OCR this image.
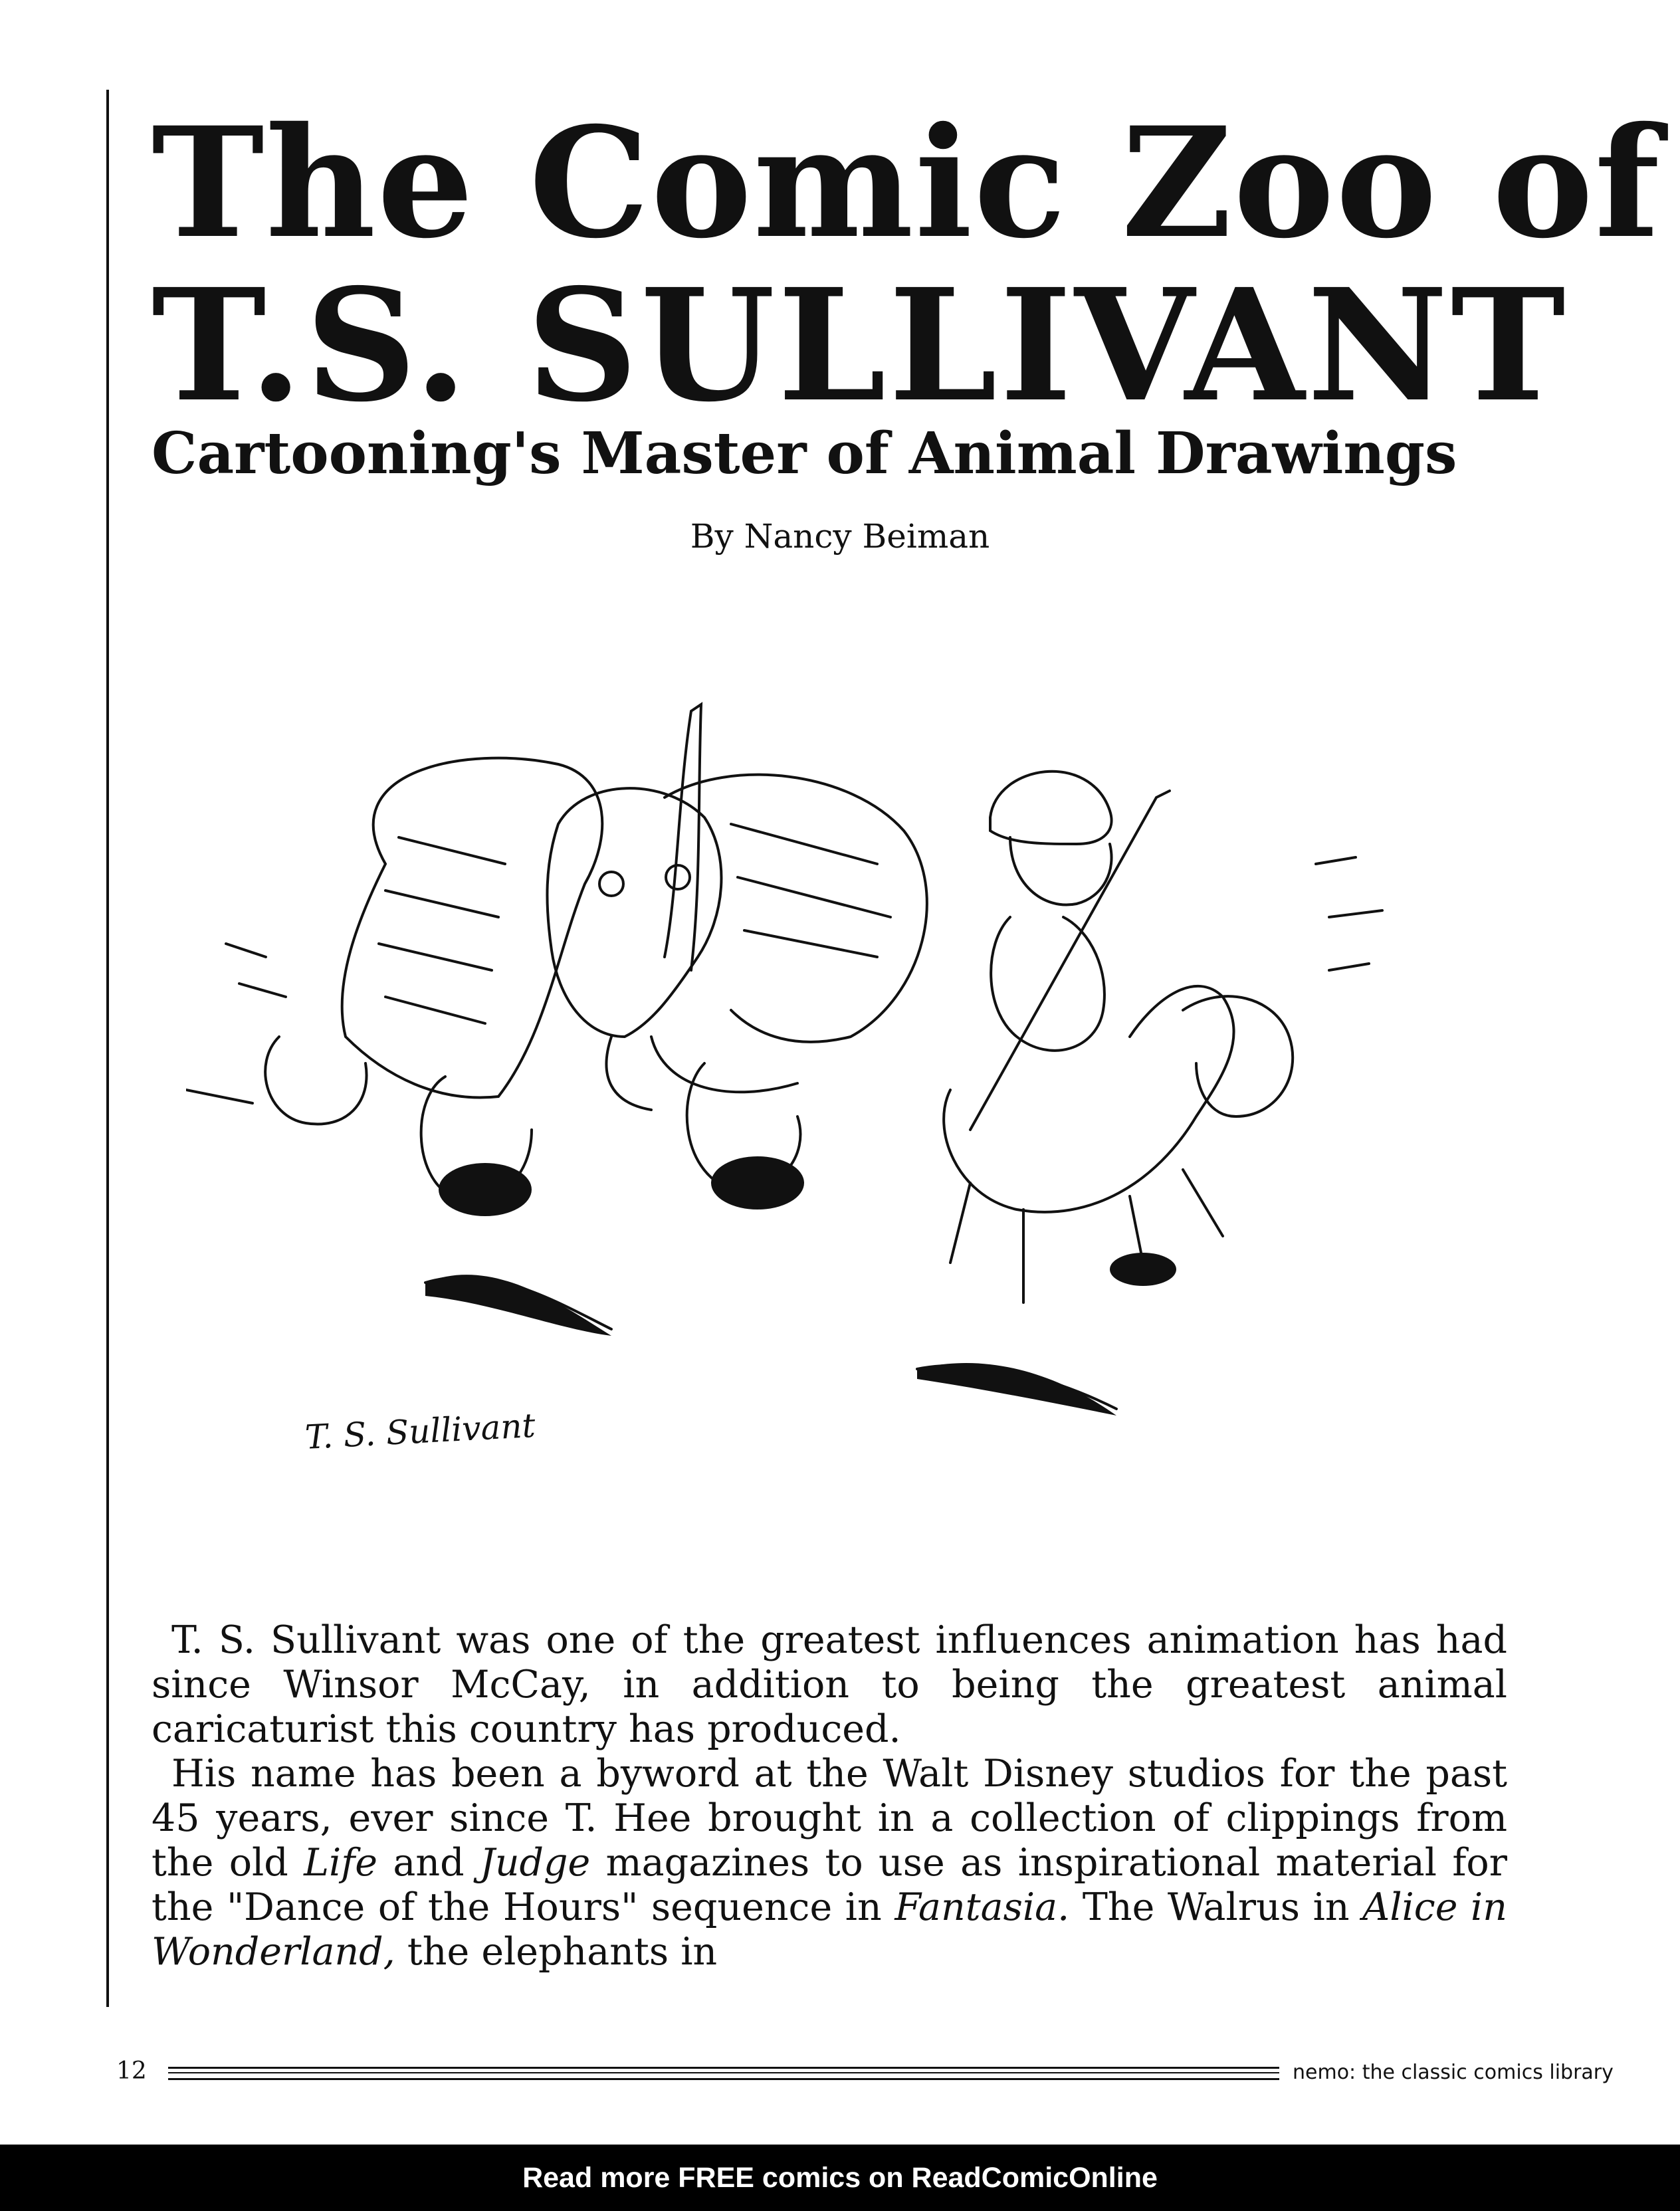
The Comic Zoo of
T.S. SULLIVANT
Cartooning's Master of Animal Drawings
By Nancy Beiman
T. S. Sullivant

T. S. Sullivant was one of the greatest influences animation has had since Winsor McCay, in addition to being the greatest animal caricaturist this country has produced.

His name has been a byword at the Walt Disney studios for the past 45 years, ever since T. Hee brought in a collection of clippings from the old Life and Judge magazines to use as inspirational material for the "Dance of the Hours" sequence in Fantasia. The Walrus in Alice in Wonderland, the elephants in

12	nemo: the classic comics library
Read more FREE comics on ReadComicOnline
